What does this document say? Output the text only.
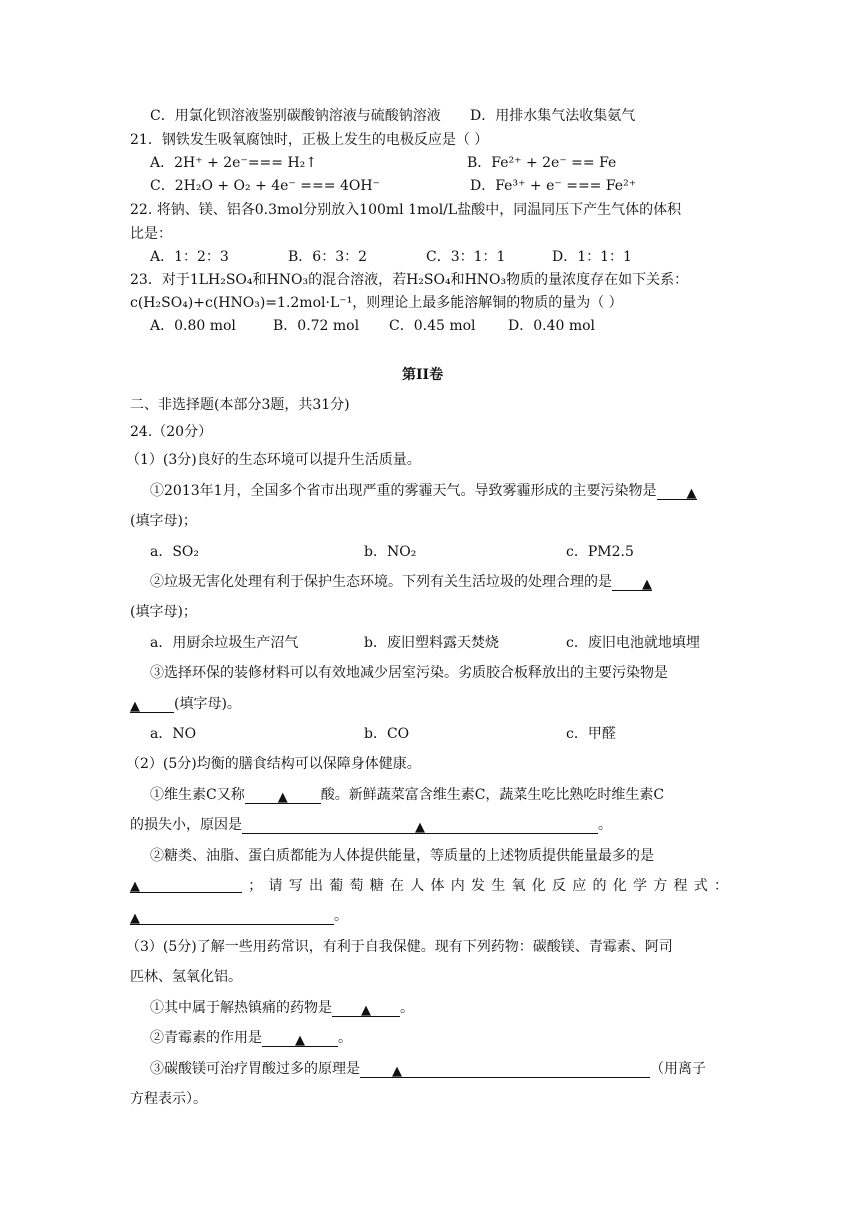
C．用氯化钡溶液鉴别碳酸钠溶液与硫酸钠溶液 D．用排水集气法收集氨气
21．钢铁发生吸氧腐蚀时，正极上发生的电极反应是（ ）
A．2H⁺ + 2e⁻=== H₂↑	B．Fe²⁺ + 2e⁻ == Fe
C．2H₂O + O₂ + 4e⁻ === 4OH⁻	D．Fe³⁺ + e⁻ === Fe²⁺
22. 将钠、镁、铝各0.3mol分别放入100ml 1mol/L盐酸中，同温同压下产生气体的体积
比是：
A．1：2：3	B．6：3：2	C．3：1：1	D．1：1：1
23．对于1LH₂SO₄和HNO₃的混合溶液，若H₂SO₄和HNO₃物质的量浓度存在如下关系：
c(H₂SO₄)+c(HNO₃)=1.2mol·L⁻¹，则理论上最多能溶解铜的物质的量为（ ）
A．0.80 mol	B．0.72 mol C．0.45 mol D．0.40 mol
第II卷
二、非选择题(本部分3题，共31分)
24.（20分）
（1）(3分)良好的生态环境可以提升生活质量。
①2013年1月，全国多个省市出现严重的雾霾天气。导致雾霾形成的主要污染物是 ▲
(填字母)；
a．SO₂	b．NO₂	c．PM2.5
②垃圾无害化处理有利于保护生态环境。下列有关生活垃圾的处理合理的是 ▲
(填字母)；
a．用厨余垃圾生产沼气	b．废旧塑料露天焚烧	c．废旧电池就地填埋
③选择环保的装修材料可以有效地减少居室污染。劣质胶合板释放出的主要污染物是
▲ (填字母)。
a．NO	b．CO	c．甲醛
（2）(5分)均衡的膳食结构可以保障身体健康。
①维生素C又称	▲ 酸。新鲜蔬菜富含维生素C，蔬菜生吃比熟吃时维生素C
的损失小，原因是	▲	。
②糖类、油脂、蛋白质都能为人体提供能量，等质量的上述物质提供能量最多的是
▲	； 请 写 出 葡 萄 糖 在 人 体 内 发 生 氧 化 反 应 的 化 学 方 程 式 ：
▲	。
（3）(5分)了解一些用药常识，有利于自我保健。现有下列药物：碳酸镁、青霉素、阿司
匹林、氢氧化铝。
①其中属于解热镇痛的药物是 ▲ 。
②青霉素的作用是	▲ 。
③碳酸镁可治疗胃酸过多的原理是 ▲	（用离子
方程表示）。
